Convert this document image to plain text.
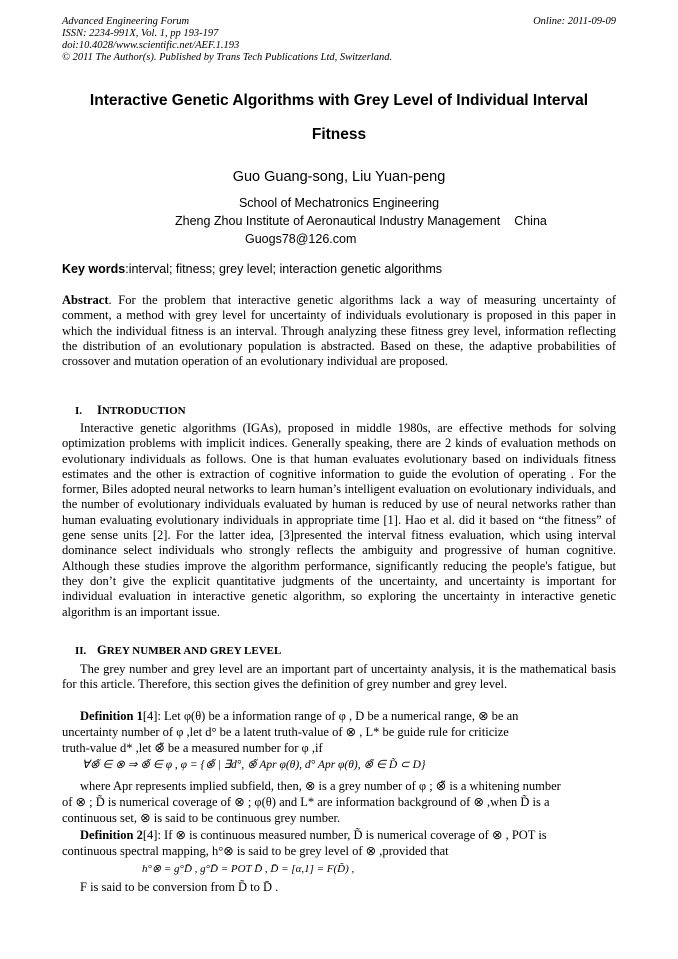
Advanced Engineering Forum
ISSN: 2234-991X, Vol. 1, pp 193-197
doi:10.4028/www.scientific.net/AEF.1.193
© 2011 The Author(s). Published by Trans Tech Publications Ltd, Switzerland.
Online: 2011-09-09
Interactive Genetic Algorithms with Grey Level of Individual Interval
Fitness
Guo Guang-song, Liu Yuan-peng
School of Mechatronics Engineering
Zheng Zhou Institute of Aeronautical Industry Management China
Guogs78@126.com
Key words:interval; fitness; grey level; interaction genetic algorithms
Abstract. For the problem that interactive genetic algorithms lack a way of measuring uncertainty of comment, a method with grey level for uncertainty of individuals evolutionary is proposed in this paper in which the individual fitness is an interval. Through analyzing these fitness grey level, information reflecting the distribution of an evolutionary population is abstracted. Based on these, the adaptive probabilities of crossover and mutation operation of an evolutionary individual are proposed.
I. INTRODUCTION
Interactive genetic algorithms (IGAs), proposed in middle 1980s, are effective methods for solving optimization problems with implicit indices. Generally speaking, there are 2 kinds of evaluation methods on evolutionary individuals as follows. One is that human evaluates evolutionary based on individuals fitness estimates and the other is extraction of cognitive information to guide the evolution of operating . For the former, Biles adopted neural networks to learn human’s intelligent evaluation on evolutionary individuals, and the number of evolutionary individuals evaluated by human is reduced by use of neural networks rather than human evaluating evolutionary individuals in appropriate time [1]. Hao et al. did it based on “the fitness” of gene sense units [2]. For the latter idea, [3]presented the interval fitness evaluation, which using interval dominance select individuals who strongly reflects the ambiguity and progressive of human cognitive. Although these studies improve the algorithm performance, significantly reducing the people's fatigue, but they don’t give the explicit quantitative judgments of the uncertainty, and uncertainty is important for individual evaluation in interactive genetic algorithm, so exploring the uncertainty in interactive genetic algorithm is an important issue.
II. GREY NUMBER AND GREY LEVEL
The grey number and grey level are an important part of uncertainty analysis, it is the mathematical basis for this article. Therefore, this section gives the definition of grey number and grey level.
Definition 1[4]: Let φ(θ) be a information range of φ , D be a numerical range, ⊗ be an
uncertainty number of φ ,let d° be a latent truth-value of ⊗ , L* be guide rule for criticize
truth-value d* ,let ⊗̃ be a measured number for φ ,if
∀⊗̃ ∈ ⊗ ⇒ ⊗̃ ∈ φ , φ = {⊗̃ | ∃d°, ⊗̃ Apr φ(θ), d° Apr φ(θ), ⊗̃ ∈ D̃ ⊂ D}
where Apr represents implied subfield, then, ⊗ is a grey number of φ ; ⊗̃ is a whitening number
of ⊗ ; D̃ is numerical coverage of ⊗ ; φ(θ) and L* are information background of ⊗ ,when D̃ is a
continuous set, ⊗ is said to be continuous grey number.
Definition 2[4]: If ⊗ is continuous measured number, D̃ is numerical coverage of ⊗ , POT is
continuous spectral mapping, h°⊗ is said to be grey level of ⊗ ,provided that
h°⊗ = g°D̄ , g°D̄ = POT D̄ , D̄ = [α,1] = F(D̃) ,
F is said to be conversion from D̃ to D̄ .
